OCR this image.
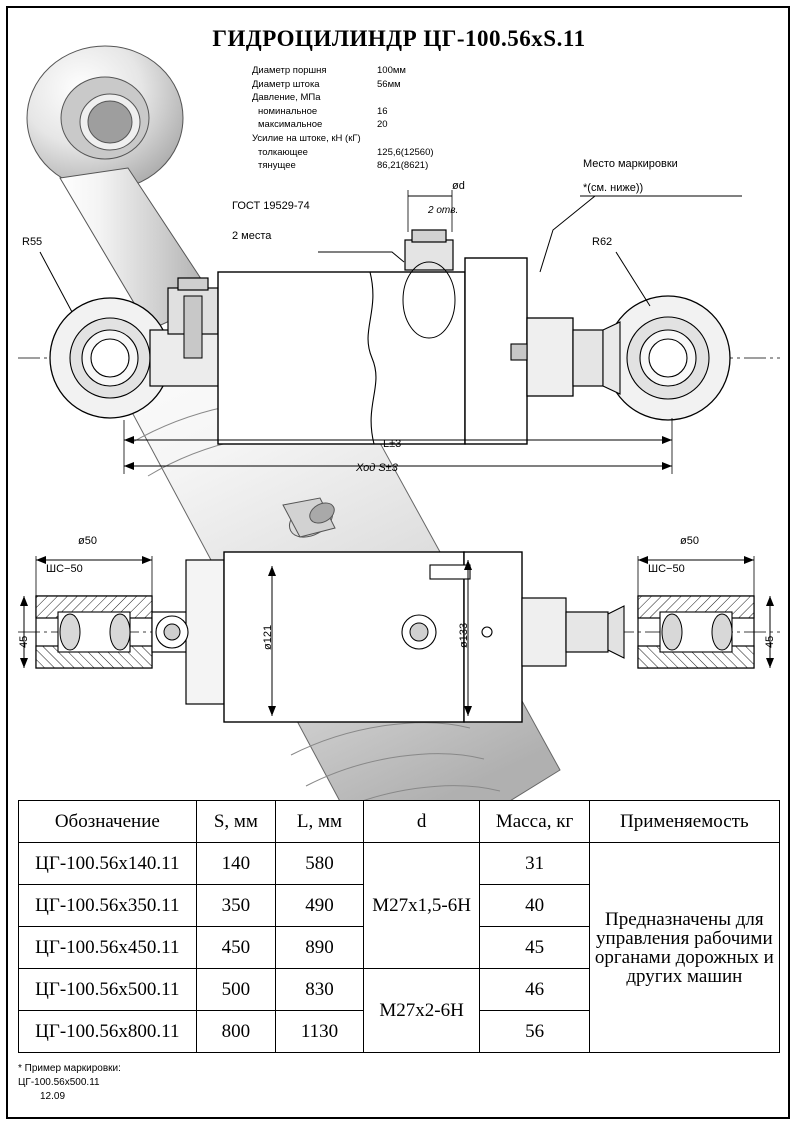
ГИДРОЦИЛИНДР ЦГ-100.56xS.11
Диаметр поршня	100мм
Диаметр штока	56мм
Давление, МПа
номинальное	16
максимальное	20
Усилие на штоке, кН (кГ)
толкающее	125,6(12560)
тянущее	86,21(8621)
ГОСТ 19529-74
2 места
Место маркировки
*(см. ниже))
R55	R62
ød
2 отв.
L±3
Ход S±3
ø50
ШС−50
45	ø121	ø133
ø50
ШС−50
45
Обозначение	S, мм	L, мм	d	Масса, кг	Применяемость
ЦГ-100.56x140.11	140	580	М27х1,5-6Н	31	Предназначены для управления рабочими органами дорожных и других машин
ЦГ-100.56x350.11	350	490		40	
ЦГ-100.56x450.11	450	890		45	
ЦГ-100.56x500.11	500	830	М27х2-6Н	46	
ЦГ-100.56x800.11	800	1130		56	
* Пример маркировки:
ЦГ-100.56x500.11
12.09
